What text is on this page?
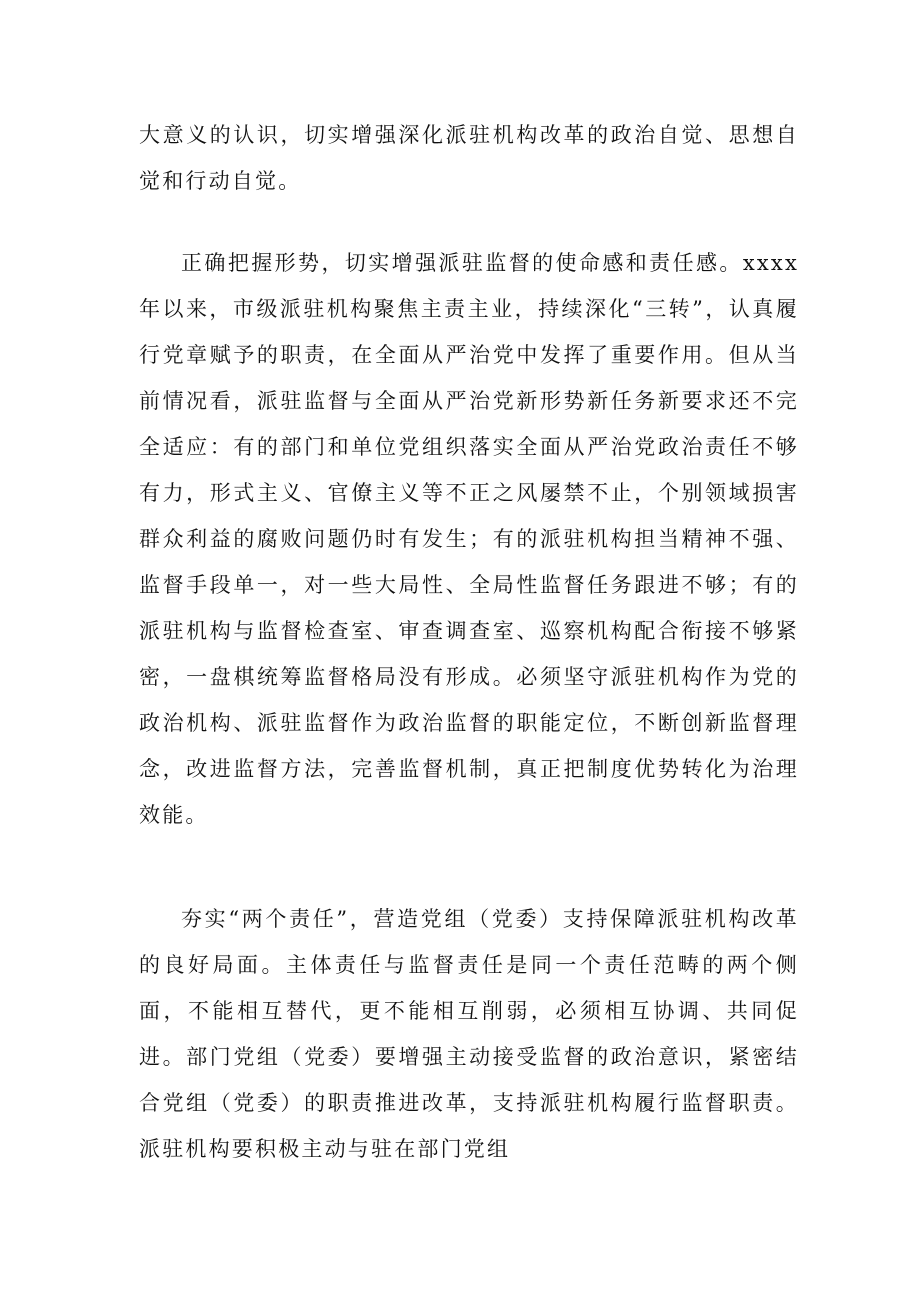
大意义的认识，切实增强深化派驻机构改革的政治自觉、思想自觉和行动自觉。

正确把握形势，切实增强派驻监督的使命感和责任感。xxxx年以来，市级派驻机构聚焦主责主业，持续深化“三转”，认真履行党章赋予的职责，在全面从严治党中发挥了重要作用。但从当前情况看，派驻监督与全面从严治党新形势新任务新要求还不完全适应：有的部门和单位党组织落实全面从严治党政治责任不够有力，形式主义、官僚主义等不正之风屡禁不止，个别领域损害群众利益的腐败问题仍时有发生；有的派驻机构担当精神不强、监督手段单一，对一些大局性、全局性监督任务跟进不够；有的派驻机构与监督检查室、审查调查室、巡察机构配合衔接不够紧密，一盘棋统筹监督格局没有形成。必须坚守派驻机构作为党的政治机构、派驻监督作为政治监督的职能定位，不断创新监督理念，改进监督方法，完善监督机制，真正把制度优势转化为治理效能。

夯实“两个责任”，营造党组（党委）支持保障派驻机构改革的良好局面。主体责任与监督责任是同一个责任范畴的两个侧面，不能相互替代，更不能相互削弱，必须相互协调、共同促进。部门党组（党委）要增强主动接受监督的政治意识，紧密结合党组（党委）的职责推进改革，支持派驻机构履行监督职责。派驻机构要积极主动与驻在部门党组
